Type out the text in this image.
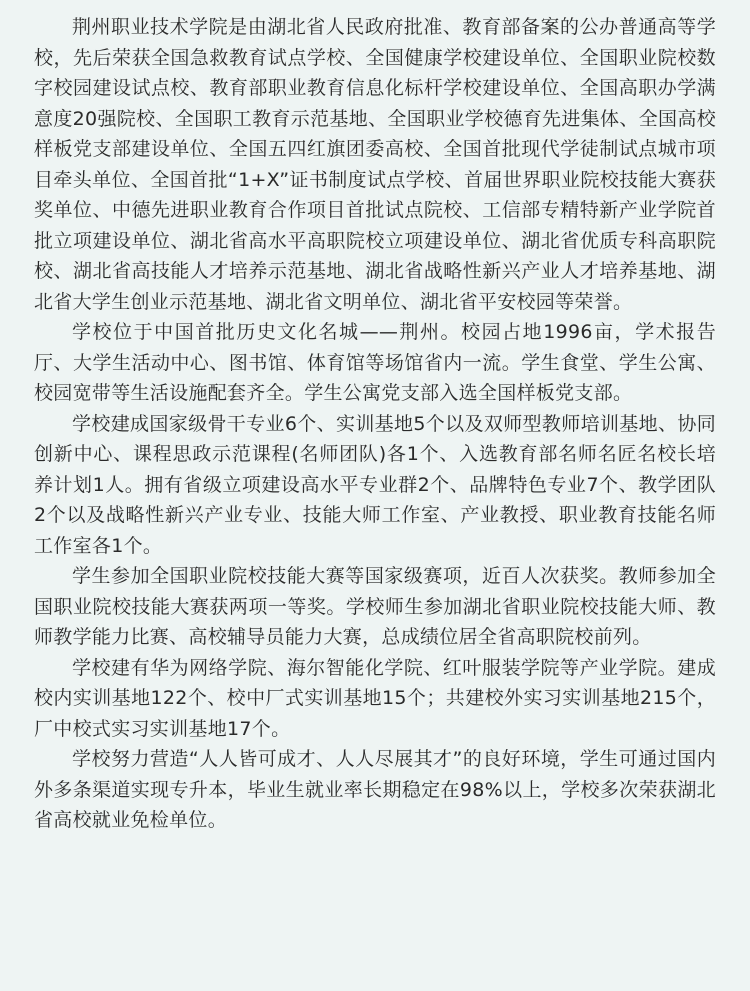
荆州职业技术学院是由湖北省人民政府批准、教育部备案的公办普通高等学校，先后荣获全国急救教育试点学校、全国健康学校建设单位、全国职业院校数字校园建设试点校、教育部职业教育信息化标杆学校建设单位、全国高职办学满意度20强院校、全国职工教育示范基地、全国职业学校德育先进集体、全国高校样板党支部建设单位、全国五四红旗团委高校、全国首批现代学徒制试点城市项目牵头单位、全国首批“1+X”证书制度试点学校、首届世界职业院校技能大赛获奖单位、中德先进职业教育合作项目首批试点院校、工信部专精特新产业学院首批立项建设单位、湖北省高水平高职院校立项建设单位、湖北省优质专科高职院校、湖北省高技能人才培养示范基地、湖北省战略性新兴产业人才培养基地、湖北省大学生创业示范基地、湖北省文明单位、湖北省平安校园等荣誉。

学校位于中国首批历史文化名城——荆州。校园占地1996亩，学术报告厅、大学生活动中心、图书馆、体育馆等场馆省内一流。学生食堂、学生公寓、校园宽带等生活设施配套齐全。学生公寓党支部入选全国样板党支部。

学校建成国家级骨干专业6个、实训基地5个以及双师型教师培训基地、协同创新中心、课程思政示范课程(名师团队)各1个、入选教育部名师名匠名校长培养计划1人。拥有省级立项建设高水平专业群2个、品牌特色专业7个、教学团队2个以及战略性新兴产业专业、技能大师工作室、产业教授、职业教育技能名师工作室各1个。

学生参加全国职业院校技能大赛等国家级赛项，近百人次获奖。教师参加全国职业院校技能大赛获两项一等奖。学校师生参加湖北省职业院校技能大师、教师教学能力比赛、高校辅导员能力大赛，总成绩位居全省高职院校前列。

学校建有华为网络学院、海尔智能化学院、红叶服装学院等产业学院。建成校内实训基地122个、校中厂式实训基地15个；共建校外实习实训基地215个，厂中校式实习实训基地17个。

学校努力营造“人人皆可成才、人人尽展其才”的良好环境，学生可通过国内外多条渠道实现专升本，毕业生就业率长期稳定在98%以上，学校多次荣获湖北省高校就业免检单位。
